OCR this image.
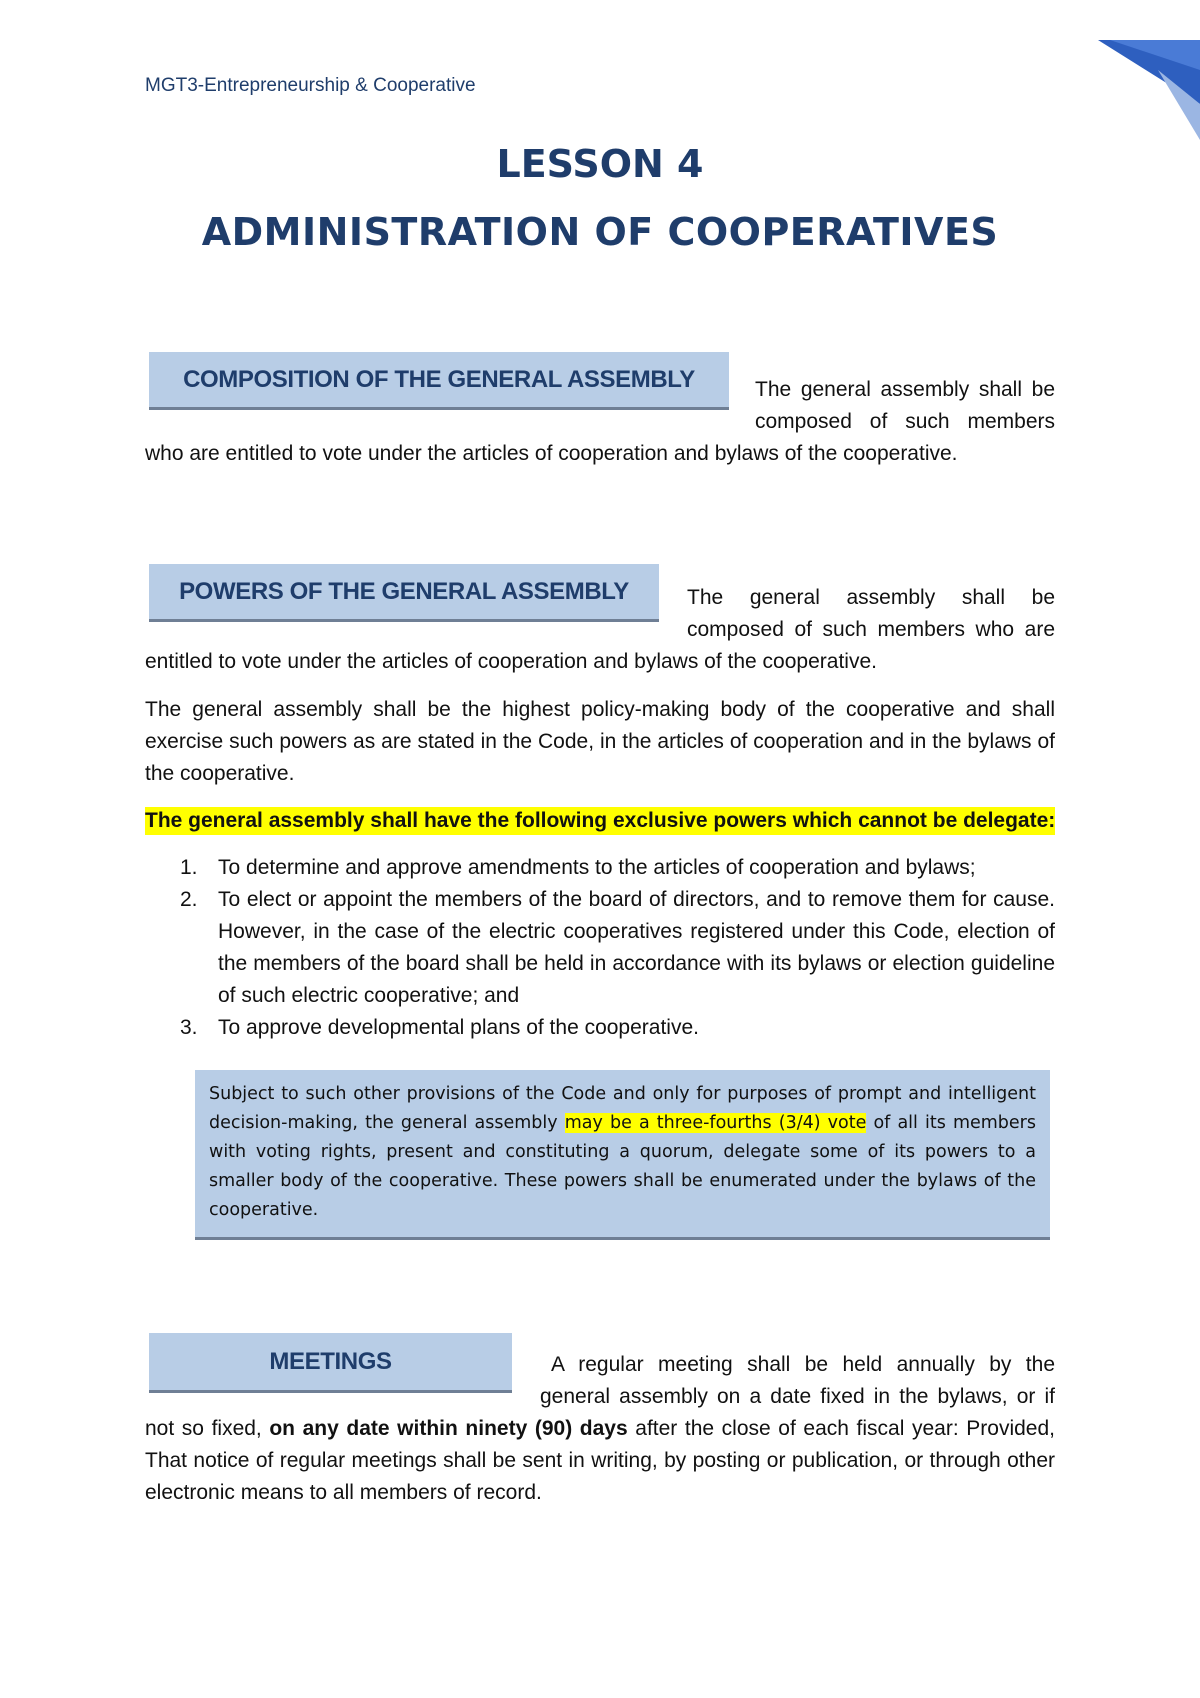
MGT3-Entrepreneurship & Cooperative
LESSON 4
ADMINISTRATION OF COOPERATIVES
COMPOSITION OF THE GENERAL ASSEMBLY	The general assembly shall be

composed of such members

who are entitled to vote under the articles of cooperation and bylaws of the cooperative.

POWERS OF THE GENERAL ASSEMBLY	The general assembly shall be

composed of such members who are

entitled to vote under the articles of cooperation and bylaws of the cooperative.

The general assembly shall be the highest policy-making body of the cooperative and shall exercise such powers as are stated in the Code, in the articles of cooperation and in the bylaws of the cooperative.

The general assembly shall have the following exclusive powers which cannot be delegate:
1. To determine and approve amendments to the articles of cooperation and bylaws;
2. To elect or appoint the members of the board of directors, and to remove them for cause. However, in the case of the electric cooperatives registered under this Code, election of the members of the board shall be held in accordance with its bylaws or election guideline of such electric cooperative; and
3. To approve developmental plans of the cooperative.
Subject to such other provisions of the Code and only for purposes of prompt and intelligent decision-making, the general assembly may be a three-fourths (3/4) vote of all its members with voting rights, present and constituting a quorum, delegate some of its powers to a smaller body of the cooperative. These powers shall be enumerated under the bylaws of the cooperative.
MEETINGS	A regular meeting shall be held annually by the

general assembly on a date fixed in the bylaws, or if

not so fixed, on any date within ninety (90) days after the close of each fiscal year: Provided, That notice of regular meetings shall be sent in writing, by posting or publication, or through other electronic means to all members of record.
